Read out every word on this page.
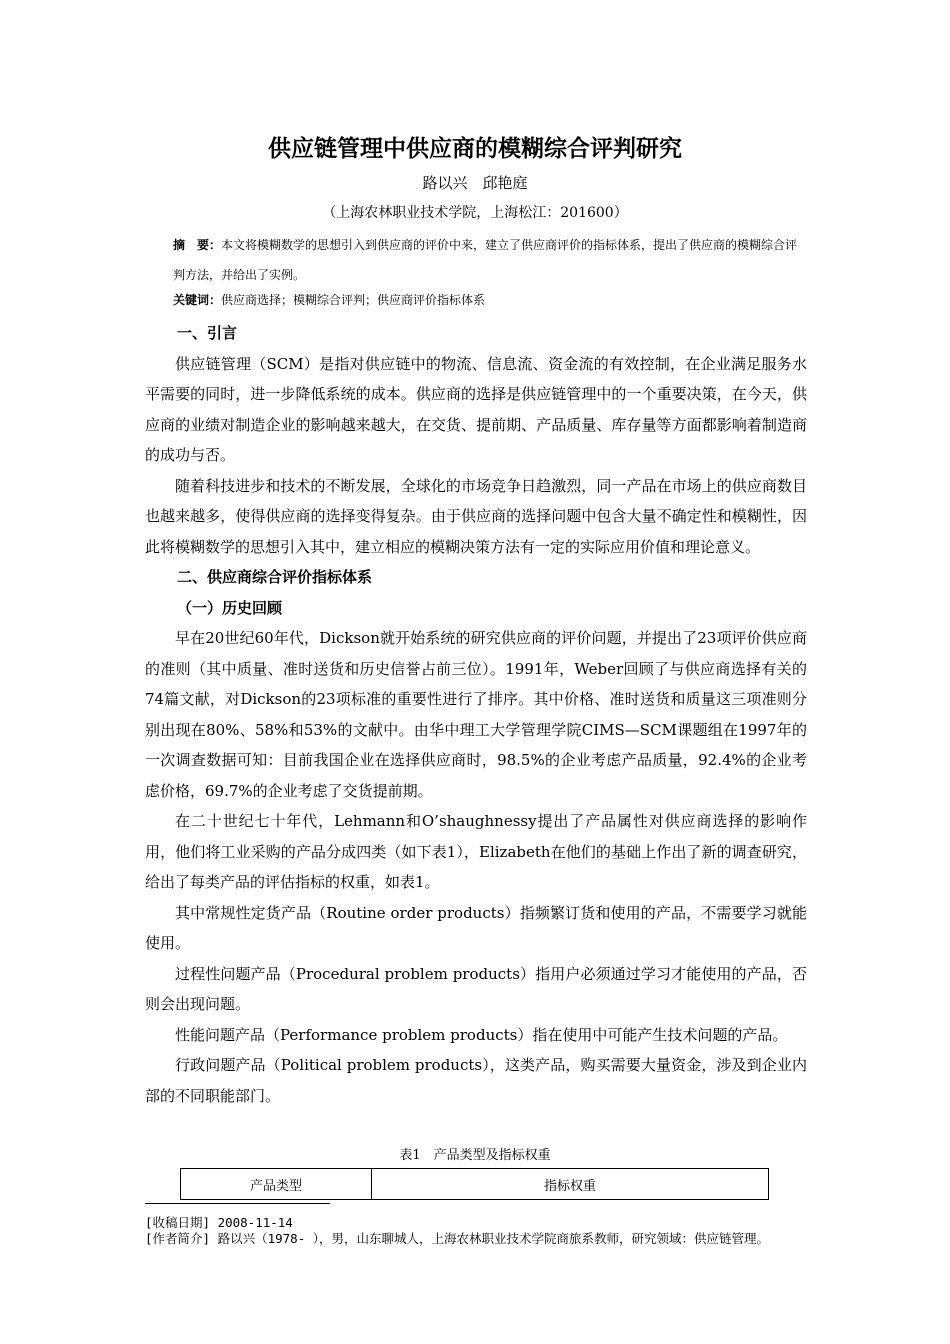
供应链管理中供应商的模糊综合评判研究
路以兴　邱艳庭
（上海农林职业技术学院，上海松江：201600）
摘　要：本文将模糊数学的思想引入到供应商的评价中来，建立了供应商评价的指标体系，提出了供应商的模糊综合评判方法，并给出了实例。
关键词：供应商选择；模糊综合评判；供应商评价指标体系
一、引言

供应链管理（SCM）是指对供应链中的物流、信息流、资金流的有效控制，在企业满足服务水平需要的同时，进一步降低系统的成本。供应商的选择是供应链管理中的一个重要决策，在今天，供应商的业绩对制造企业的影响越来越大，在交货、提前期、产品质量、库存量等方面都影响着制造商的成功与否。

随着科技进步和技术的不断发展，全球化的市场竞争日趋激烈，同一产品在市场上的供应商数目也越来越多，使得供应商的选择变得复杂。由于供应商的选择问题中包含大量不确定性和模糊性，因此将模糊数学的思想引入其中，建立相应的模糊决策方法有一定的实际应用价值和理论意义。

二、供应商综合评价指标体系
（一）历史回顾

早在20世纪60年代，Dickson就开始系统的研究供应商的评价问题，并提出了23项评价供应商的准则（其中质量、准时送货和历史信誉占前三位）。1991年，Weber回顾了与供应商选择有关的74篇文献，对Dickson的23项标准的重要性进行了排序。其中价格、准时送货和质量这三项准则分别出现在80%、58%和53%的文献中。由华中理工大学管理学院CIMS—SCM课题组在1997年的一次调查数据可知：目前我国企业在选择供应商时，98.5%的企业考虑产品质量，92.4%的企业考虑价格，69.7%的企业考虑了交货提前期。

在二十世纪七十年代，Lehmann和O’shaughnessy提出了产品属性对供应商选择的影响作用，他们将工业采购的产品分成四类（如下表1），Elizabeth在他们的基础上作出了新的调查研究，给出了每类产品的评估指标的权重，如表1。

其中常规性定货产品（Routine order products）指频繁订货和使用的产品，不需要学习就能使用。

过程性问题产品（Procedural problem products）指用户必须通过学习才能使用的产品，否则会出现问题。

性能问题产品（Performance problem products）指在使用中可能产生技术问题的产品。

行政问题产品（Political problem products），这类产品，购买需要大量资金，涉及到企业内部的不同职能部门。

表1　产品类型及指标权重
产品类型	指标权重
[收稿日期] 2008-11-14
[作者简介] 路以兴（1978- ），男，山东聊城人，上海农林职业技术学院商旅系教师，研究领域：供应链管理。
